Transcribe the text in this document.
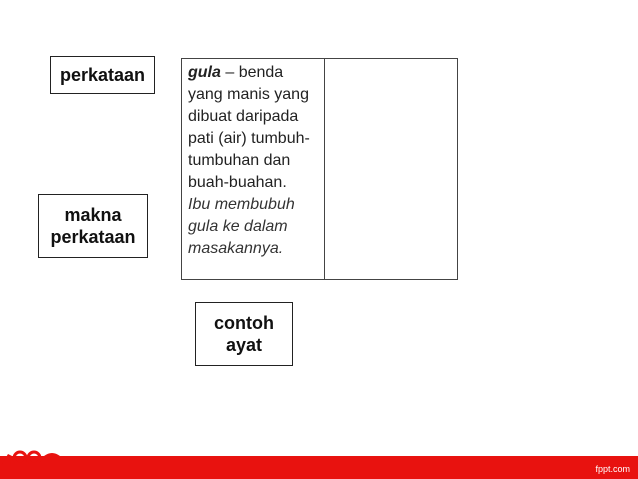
perkataan	gula – benda
yang manis yang
dibuat daripada
pati (air) tumbuh-
tumbuhan dan
buah-buahan.
Ibu membubuh
gula ke dalam
masakannya.
makna
perkataan
contoh
ayat
fppt.com
